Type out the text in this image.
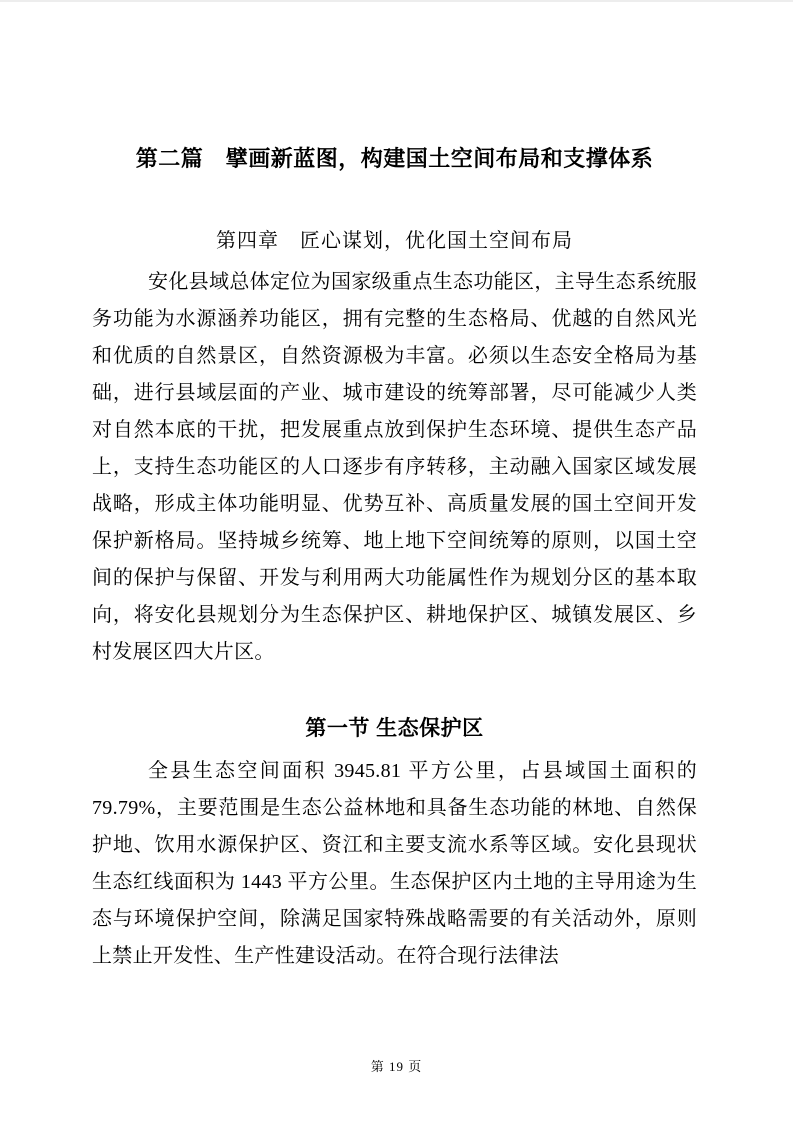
第二篇　擘画新蓝图，构建国土空间布局和支撑体系
第四章　匠心谋划，优化国土空间布局

安化县域总体定位为国家级重点生态功能区，主导生态系统服务功能为水源涵养功能区，拥有完整的生态格局、优越的自然风光和优质的自然景区，自然资源极为丰富。必须以生态安全格局为基础，进行县域层面的产业、城市建设的统筹部署，尽可能减少人类对自然本底的干扰，把发展重点放到保护生态环境、提供生态产品上，支持生态功能区的人口逐步有序转移，主动融入国家区域发展战略，形成主体功能明显、优势互补、高质量发展的国土空间开发保护新格局。坚持城乡统筹、地上地下空间统筹的原则，以国土空间的保护与保留、开发与利用两大功能属性作为规划分区的基本取向，将安化县规划分为生态保护区、耕地保护区、城镇发展区、乡村发展区四大片区。

第一节 生态保护区

全县生态空间面积 3945.81 平方公里，占县域国土面积的79.79%，主要范围是生态公益林地和具备生态功能的林地、自然保护地、饮用水源保护区、资江和主要支流水系等区域。安化县现状生态红线面积为 1443 平方公里。生态保护区内土地的主导用途为生态与环境保护空间，除满足国家特殊战略需要的有关活动外，原则上禁止开发性、生产性建设活动。在符合现行法律法

第 19 页
